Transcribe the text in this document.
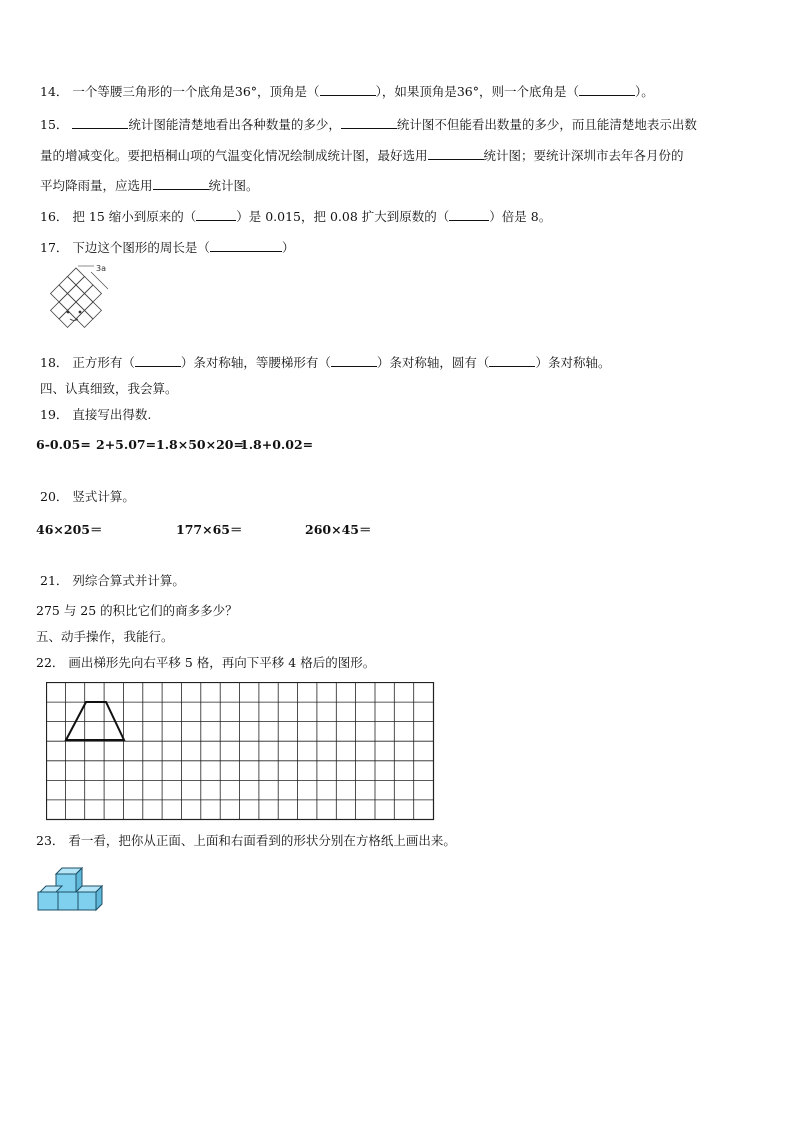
14． 一个等腰三角形的一个底角是36°，顶角是（	），如果顶角是36°，则一个底角是（	）。
15．	统计图能清楚地看出各种数量的多少，	统计图不但能看出数量的多少，而且能清楚地表示出数
量的增减变化。要把梧桐山项的气温变化情况绘制成统计图，最好选用	统计图；要统计深圳市去年各月份的
平均降雨量，应选用	统计图。
16． 把 15 缩小到原来的（	）是 0.015，把 0.08 扩大到原数的（	）倍是 8。
17． 下边这个图形的周长是（	）
3a
18． 正方形有（	）条对称轴，等腰梯形有（	）条对称轴，圆有（	）条对称轴。
四、认真细致，我会算。
19． 直接写出得数.
6-0.05= 2+5.07= 1.8×50×20=
1.8+0.02=
20． 竖式计算。
46×205＝	177×65＝	260×45＝
21． 列综合算式并计算。
275 与 25 的积比它们的商多多少？
五、动手操作，我能行。
22． 画出梯形先向右平移 5 格，再向下平移 4 格后的图形。
23． 看一看，把你从正面、上面和右面看到的形状分别在方格纸上画出来。
